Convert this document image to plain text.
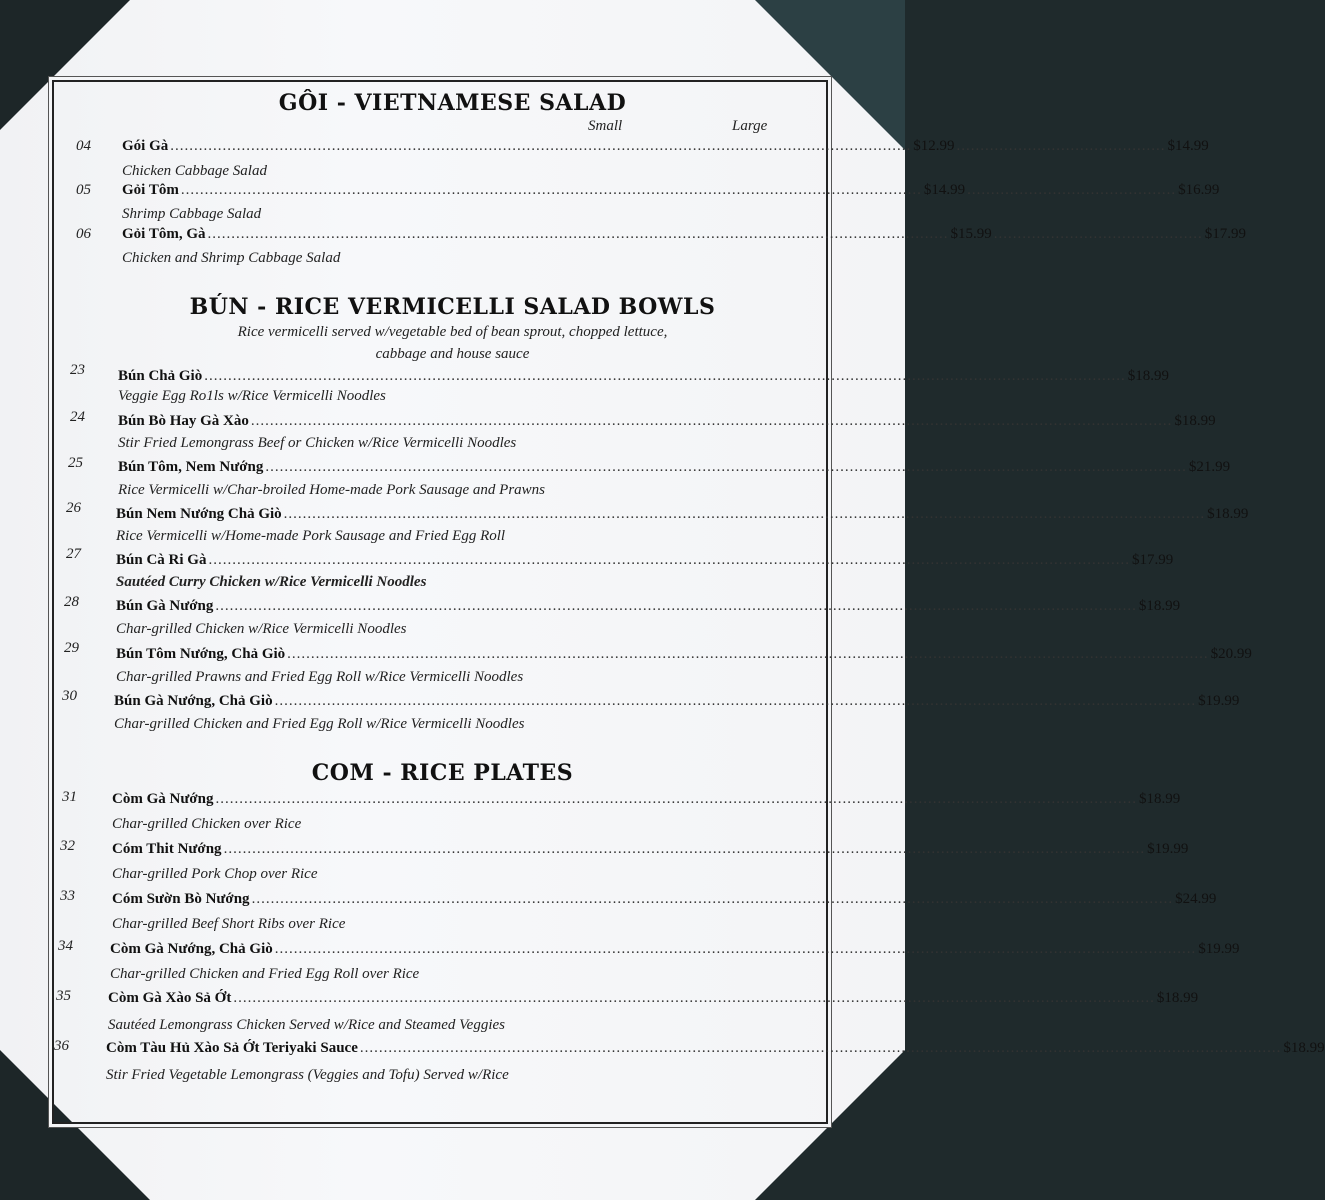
GÔI - VIETNAMESE SALAD
Small	Large
04 Gói Gà ............................................................................................................................................................ $12.99 ............................................ $14.99
Chicken Cabbage Salad
05 Gỏi Tôm ............................................................................................................................................................ $14.99 ............................................ $16.99
Shrimp Cabbage Salad
06 Gỏi Tôm, Gà ............................................................................................................................................................ $15.99 ............................................ $17.99
Chicken and Shrimp Cabbage Salad
BÚN - RICE VERMICELLI SALAD BOWLS
Rice vermicelli served w/vegetable bed of bean sprout, chopped lettuce,
cabbage and house sauce
23 Bún Chả Giò .................................................................................................................................................................................................. $18.99
Veggie Egg Ro1ls w/Rice Vermicelli Noodles
24 Bún Bò Hay Gà Xào .................................................................................................................................................................................................. $18.99
Stir Fried Lemongrass Beef or Chicken w/Rice Vermicelli Noodles
25 Bún Tôm, Nem Nướng .................................................................................................................................................................................................. $21.99
Rice Vermicelli w/Char-broiled Home-made Pork Sausage and Prawns
26 Bún Nem Nướng Chả Giò .................................................................................................................................................................................................. $18.99
Rice Vermicelli w/Home-made Pork Sausage and Fried Egg Roll
27 Bún Cà Ri Gà .................................................................................................................................................................................................. $17.99
Sautéed Curry Chicken w/Rice Vermicelli Noodles
28 Bún Gà Nướng .................................................................................................................................................................................................. $18.99
Char-grilled Chicken w/Rice Vermicelli Noodles
29 Bún Tôm Nướng, Chả Giò .................................................................................................................................................................................................. $20.99
Char-grilled Prawns and Fried Egg Roll w/Rice Vermicelli Noodles
30 Bún Gà Nướng, Chả Giò .................................................................................................................................................................................................. $19.99
Char-grilled Chicken and Fried Egg Roll w/Rice Vermicelli Noodles
COM - RICE PLATES
31 Còm Gà Nướng .................................................................................................................................................................................................. $18.99
Char-grilled Chicken over Rice
32 Cóm Thit Nướng .................................................................................................................................................................................................. $19.99
Char-grilled Pork Chop over Rice
33 Cóm Sườn Bò Nướng .................................................................................................................................................................................................. $24.99
Char-grilled Beef Short Ribs over Rice
34 Còm Gà Nướng, Chả Giò .................................................................................................................................................................................................. $19.99
Char-grilled Chicken and Fried Egg Roll over Rice
35 Còm Gà Xào Sả Ớt .................................................................................................................................................................................................. $18.99
Sautéed Lemongrass Chicken Served w/Rice and Steamed Veggies
36 Còm Tàu Hủ Xào Sả Ớt Teriyaki Sauce .................................................................................................................................................................................................. $18.99
Stir Fried Vegetable Lemongrass (Veggies and Tofu) Served w/Rice
